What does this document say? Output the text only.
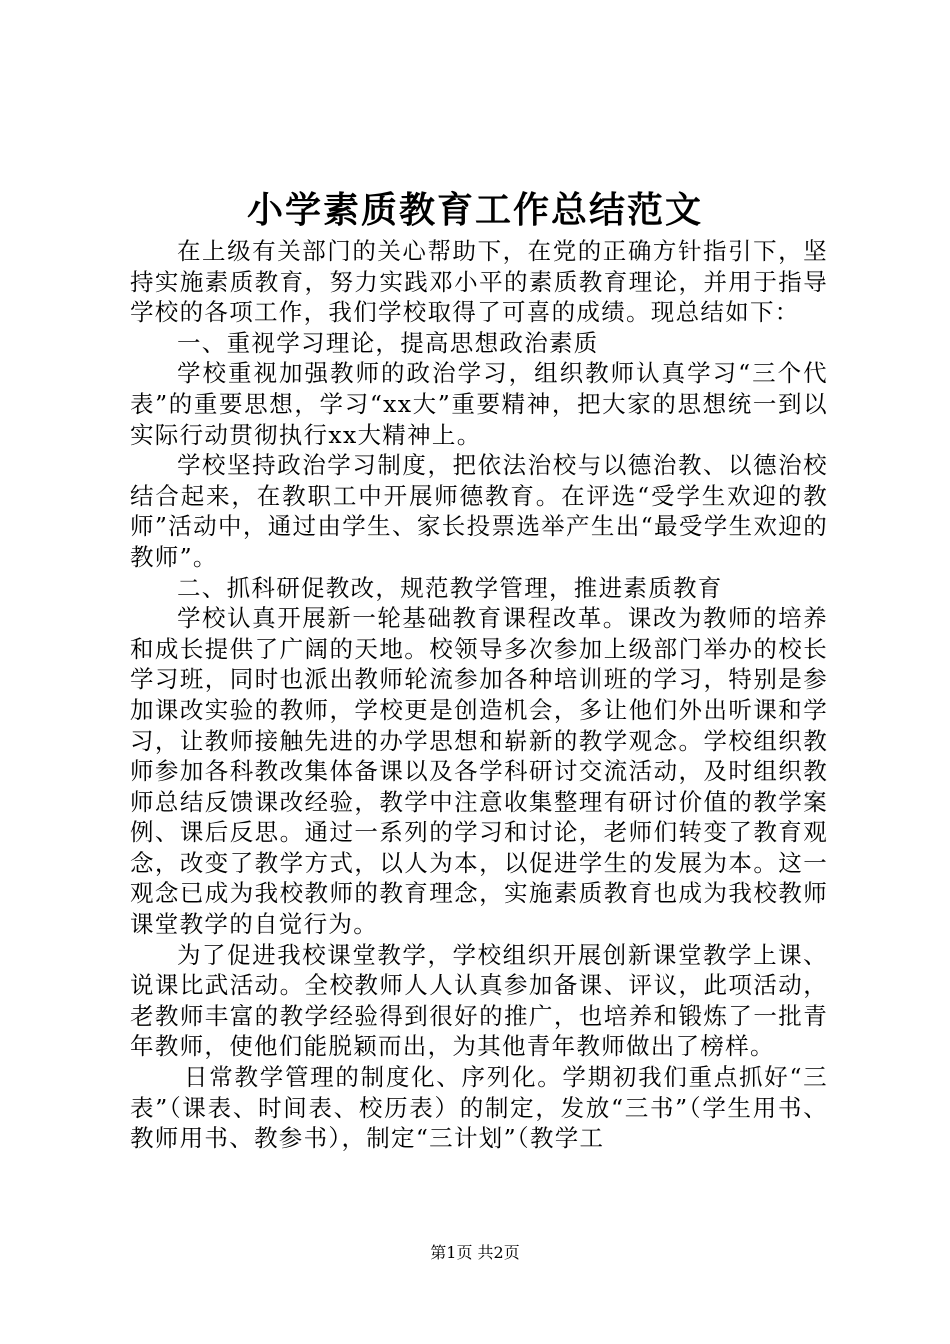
小学素质教育工作总结范文

在上级有关部门的关心帮助下，在党的正确方针指引下，坚持实施素质教育，努力实践邓小平的素质教育理论，并用于指导学校的各项工作，我们学校取得了可喜的成绩。现总结如下：

一、重视学习理论，提高思想政治素质

学校重视加强教师的政治学习，组织教师认真学习“三个代表”的重要思想，学习“xx大”重要精神，把大家的思想统一到以实际行动贯彻执行xx大精神上。

学校坚持政治学习制度，把依法治校与以德治教、以德治校结合起来，在教职工中开展师德教育。在评选“受学生欢迎的教师”活动中，通过由学生、家长投票选举产生出“最受学生欢迎的教师”。

二、抓科研促教改，规范教学管理，推进素质教育

学校认真开展新一轮基础教育课程改革。课改为教师的培养和成长提供了广阔的天地。校领导多次参加上级部门举办的校长学习班，同时也派出教师轮流参加各种培训班的学习，特别是参加课改实验的教师，学校更是创造机会，多让他们外出听课和学习，让教师接触先进的办学思想和崭新的教学观念。学校组织教师参加各科教改集体备课以及各学科研讨交流活动，及时组织教师总结反馈课改经验，教学中注意收集整理有研讨价值的教学案例、课后反思。通过一系列的学习和讨论，老师们转变了教育观念，改变了教学方式，以人为本，以促进学生的发展为本。这一观念已成为我校教师的教育理念，实施素质教育也成为我校教师课堂教学的自觉行为。

为了促进我校课堂教学，学校组织开展创新课堂教学上课、说课比武活动。全校教师人人认真参加备课、评议，此项活动，老教师丰富的教学经验得到很好的推广，也培养和锻炼了一批青年教师，使他们能脱颖而出，为其他青年教师做出了榜样。

日常教学管理的制度化、序列化。学期初我们重点抓好“三表”（课表、时间表、校历表）的制定，发放“三书”（学生用书、教师用书、教参书），制定“三计划”（教学工

第1页 共2页
